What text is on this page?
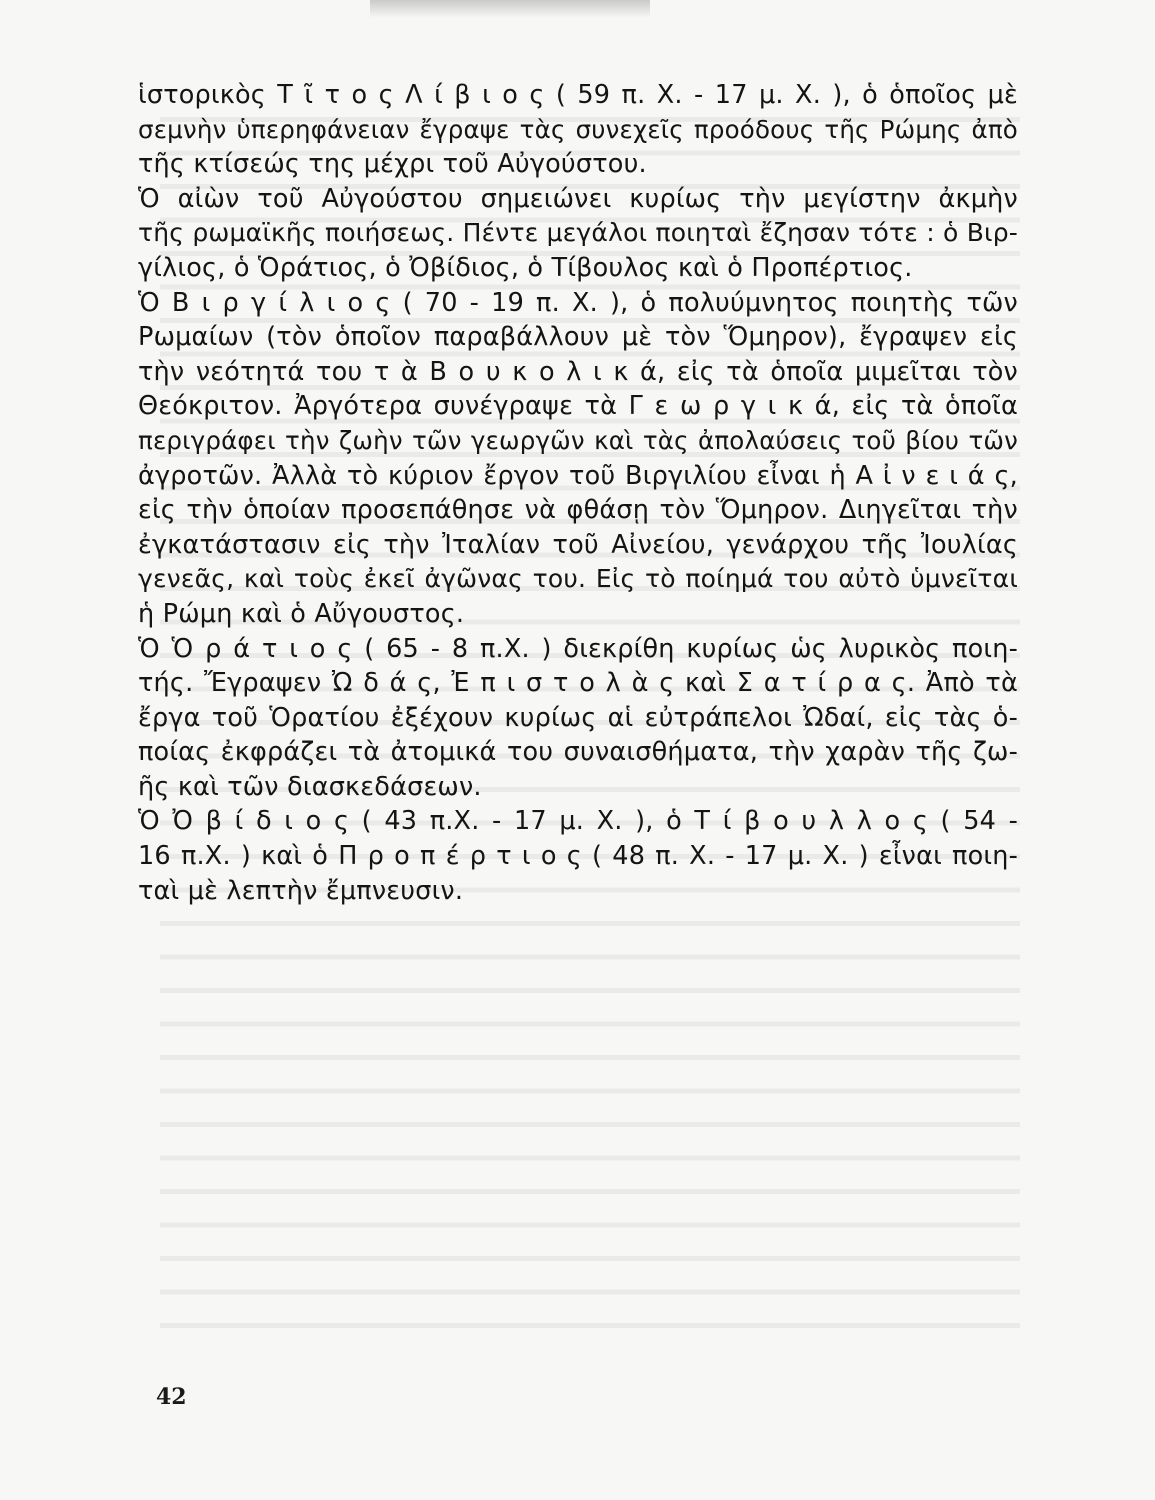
ἱστορικὸς Τ ῖ τ ο ς Λ ί β ι ο ς ( 59 π. Χ. - 17 μ. Χ. ), ὁ ὁποῖος μὲ
σεμνὴν ὑπερηφάνειαν ἔγραψε τὰς συνεχεῖς προόδους τῆς Ρώμης ἀπὸ
τῆς κτίσεώς της μέχρι τοῦ Αὐγούστου.
Ὁ αἰὼν τοῦ Αὐγούστου σημειώνει κυρίως τὴν μεγίστην ἀκμὴν
τῆς ρωμαϊκῆς ποιήσεως. Πέντε μεγάλοι ποιηταὶ ἔζησαν τότε : ὁ Βιρ-
γίλιος, ὁ Ὁράτιος, ὁ Ὀβίδιος, ὁ Τίβουλος καὶ ὁ Προπέρτιος.
Ὁ Β ι ρ γ ί λ ι ο ς ( 70 - 19 π. Χ. ), ὁ πολυύμνητος ποιητὴς τῶν
Ρωμαίων (τὸν ὁποῖον παραβάλλουν μὲ τὸν Ὅμηρον), ἔγραψεν εἰς
τὴν νεότητά του τ ὰ Β ο υ κ ο λ ι κ ά, εἰς τὰ ὁποῖα μιμεῖται τὸν
Θεόκριτον. Ἀργότερα συνέγραψε τὰ Γ ε ω ρ γ ι κ ά, εἰς τὰ ὁποῖα
περιγράφει τὴν ζωὴν τῶν γεωργῶν καὶ τὰς ἀπολαύσεις τοῦ βίου τῶν
ἀγροτῶν. Ἀλλὰ τὸ κύριον ἔργον τοῦ Βιργιλίου εἶναι ἡ Α ἰ ν ε ι ά ς,
εἰς τὴν ὁποίαν προσεπάθησε νὰ φθάσῃ τὸν Ὅμηρον. Διηγεῖται τὴν
ἐγκατάστασιν εἰς τὴν Ἰταλίαν τοῦ Αἰνείου, γενάρχου τῆς Ἰουλίας
γενεᾶς, καὶ τοὺς ἐκεῖ ἀγῶνας του. Εἰς τὸ ποίημά του αὐτὸ ὑμνεῖται
ἡ Ρώμη καὶ ὁ Αὔγουστος.
Ὁ Ὁ ρ ά τ ι ο ς ( 65 - 8 π.Χ. ) διεκρίθη κυρίως ὡς λυρικὸς ποιη-
τής. Ἔγραψεν Ὠ δ ά ς, Ἐ π ι σ τ ο λ ὰ ς καὶ Σ α τ ί ρ α ς. Ἀπὸ τὰ
ἔργα τοῦ Ὁρατίου ἐξέχουν κυρίως αἱ εὐτράπελοι Ὠδαί, εἰς τὰς ὁ-
ποίας ἐκφράζει τὰ ἀτομικά του συναισθήματα, τὴν χαρὰν τῆς ζω-
ῆς καὶ τῶν διασκεδάσεων.
Ὁ Ὀ β ί δ ι ο ς ( 43 π.Χ. - 17 μ. Χ. ), ὁ Τ ί β ο υ λ λ ο ς ( 54 -
16 π.Χ. ) καὶ ὁ Π ρ ο π έ ρ τ ι ο ς ( 48 π. Χ. - 17 μ. Χ. ) εἶναι ποιη-
ταὶ μὲ λεπτὴν ἔμπνευσιν.
42
